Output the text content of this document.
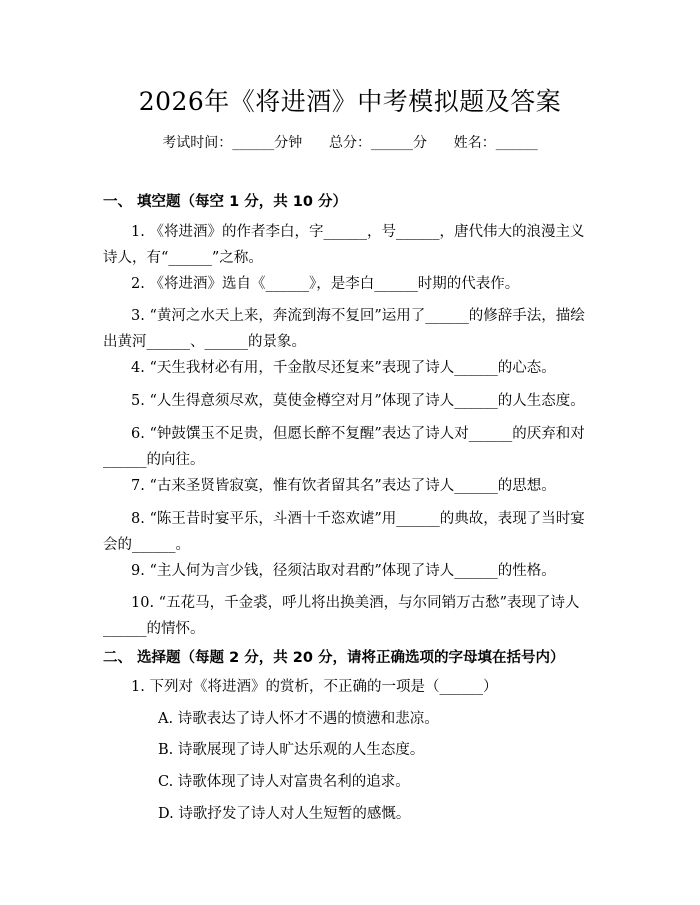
2026年《将进酒》中考模拟题及答案
考试时间：______分钟      总分：______分      姓名：______
一、 填空题（每空 1 分，共 10 分）
1. 《将进酒》的作者李白，字______，号______，唐代伟大的浪漫主义诗人，有“______”之称。
2. 《将进酒》选自《______》，是李白______时期的代表作。
3. “黄河之水天上来，奔流到海不复回”运用了______的修辞手法，描绘出黄河______、______的景象。
4. “天生我材必有用，千金散尽还复来”表现了诗人______的心态。
5. “人生得意须尽欢，莫使金樽空对月”体现了诗人______的人生态度。
6. “钟鼓馔玉不足贵，但愿长醉不复醒”表达了诗人对______的厌弃和对______的向往。
7. “古来圣贤皆寂寞，惟有饮者留其名”表达了诗人______的思想。
8. “陈王昔时宴平乐，斗酒十千恣欢谑”用______的典故，表现了当时宴会的______。
9. “主人何为言少钱，径须沽取对君酌”体现了诗人______的性格。
10. “五花马，千金裘，呼儿将出换美酒，与尔同销万古愁”表现了诗人______的情怀。
二、 选择题（每题 2 分，共 20 分，请将正确选项的字母填在括号内）
1. 下列对《将进酒》的赏析，不正确的一项是（______）
A. 诗歌表达了诗人怀才不遇的愤懑和悲凉。
B. 诗歌展现了诗人旷达乐观的人生态度。
C. 诗歌体现了诗人对富贵名利的追求。
D. 诗歌抒发了诗人对人生短暂的感慨。
